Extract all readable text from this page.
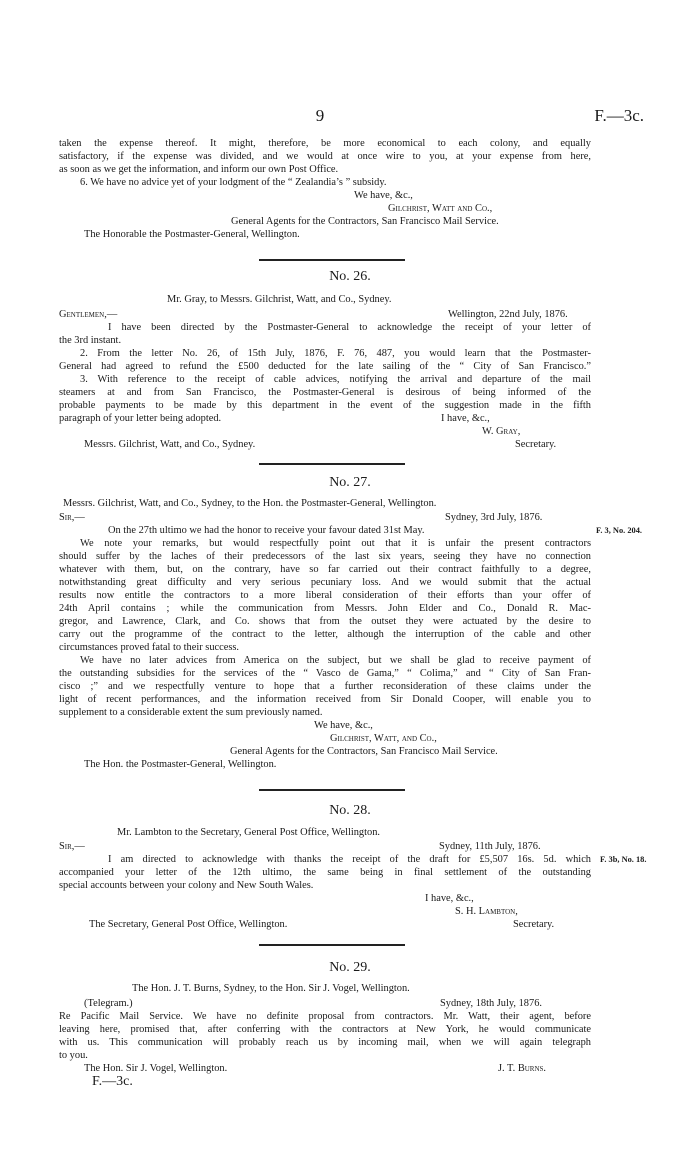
9	F.—3c.
taken the expense thereof. It might, therefore, be more economical to each colony, and equally
satisfactory, if the expense was divided, and we would at once wire to you, at your expense from here,
as soon as we get the information, and inform our own Post Office.
6. We have no advice yet of your lodgment of the “ Zealandia’s ” subsidy.
We have, &c.,
Gilchrist, Watt and Co.,
General Agents for the Contractors, San Francisco Mail Service.
The Honorable the Postmaster-General, Wellington.
No. 26.
Mr. Gray, to Messrs. Gilchrist, Watt, and Co., Sydney.
Gentlemen,—	Wellington, 22nd July, 1876.
I have been directed by the Postmaster-General to acknowledge the receipt of your letter of
the 3rd instant.
2. From the letter No. 26, of 15th July, 1876, F. 76, 487, you would learn that the Postmaster-
General had agreed to refund the £500 deducted for the late sailing of the “ City of San Francisco.”
3. With reference to the receipt of cable advices, notifying the arrival and departure of the mail
steamers at and from San Francisco, the Postmaster-General is desirous of being informed of the
probable payments to be made by this department in the event of the suggestion made in the fifth
paragraph of your letter being adopted.	I have, &c.,
W. Gray,
Messrs. Gilchrist, Watt, and Co., Sydney.	Secretary.
No. 27.
Messrs. Gilchrist, Watt, and Co., Sydney, to the Hon. the Postmaster-General, Wellington.
Sir,—	Sydney, 3rd July, 1876.
On the 27th ultimo we had the honor to receive your favour dated 31st May.	F. 3, No. 204.
We note your remarks, but would respectfully point out that it is unfair the present contractors
should suffer by the laches of their predecessors of the last six years, seeing they have no connection
whatever with them, but, on the contrary, have so far carried out their contract faithfully to a degree,
notwithstanding great difficulty and very serious pecuniary loss. And we would submit that the actual
results now entitle the contractors to a more liberal consideration of their efforts than your offer of
24th April contains ; while the communication from Messrs. John Elder and Co., Donald R. Mac-
gregor, and Lawrence, Clark, and Co. shows that from the outset they were actuated by the desire to
carry out the programme of the contract to the letter, although the interruption of the cable and other
circumstances proved fatal to their success.
We have no later advices from America on the subject, but we shall be glad to receive payment of
the outstanding subsidies for the services of the “ Vasco de Gama,” “ Colima,” and “ City of San Fran-
cisco ;” and we respectfully venture to hope that a further reconsideration of these claims under the
light of recent performances, and the information received from Sir Donald Cooper, will enable you to
supplement to a considerable extent the sum previously named.
We have, &c.,
Gilchrist, Watt, and Co.,
General Agents for the Contractors, San Francisco Mail Service.
The Hon. the Postmaster-General, Wellington.
No. 28.
Mr. Lambton to the Secretary, General Post Office, Wellington.
Sir,—	Sydney, 11th July, 1876.
I am directed to acknowledge with thanks the receipt of the draft for £5,507 16s. 5d. which F. 3b, No. 18.
accompanied your letter of the 12th ultimo, the same being in final settlement of the outstanding
special accounts between your colony and New South Wales.
I have, &c.,
S. H. Lambton,
The Secretary, General Post Office, Wellington.	Secretary.
No. 29.
The Hon. J. T. Burns, Sydney, to the Hon. Sir J. Vogel, Wellington.
(Telegram.)	Sydney, 18th July, 1876.
Re Pacific Mail Service. We have no definite proposal from contractors. Mr. Watt, their agent, before
leaving here, promised that, after conferring with the contractors at New York, he would communicate
with us. This communication will probably reach us by incoming mail, when we will again telegraph
to you.
The Hon. Sir J. Vogel, Wellington.	J. T. Burns.
F.—3c.
